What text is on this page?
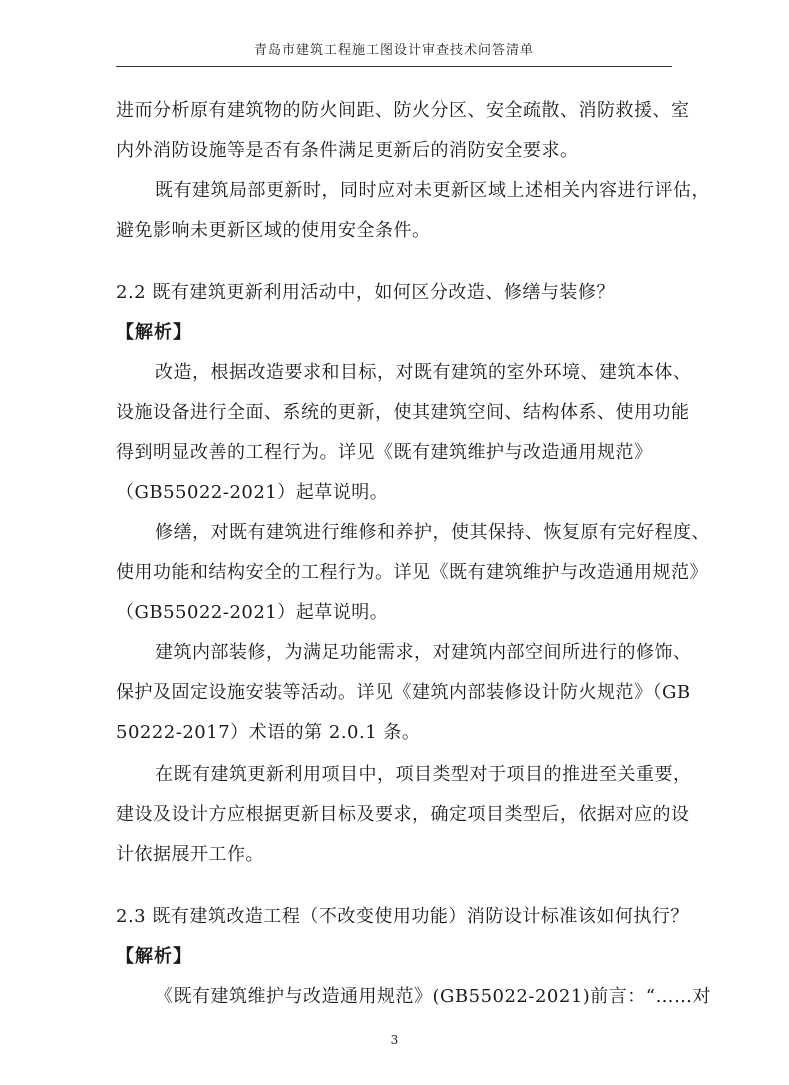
青岛市建筑工程施工图设计审查技术问答清单
进而分析原有建筑物的防火间距、防火分区、安全疏散、消防救援、室
内外消防设施等是否有条件满足更新后的消防安全要求。
既有建筑局部更新时，同时应对未更新区域上述相关内容进行评估，
避免影响未更新区域的使用安全条件。
2.2 既有建筑更新利用活动中，如何区分改造、修缮与装修？
【解析】
改造，根据改造要求和目标，对既有建筑的室外环境、建筑本体、
设施设备进行全面、系统的更新，使其建筑空间、结构体系、使用功能
得到明显改善的工程行为。详见《既有建筑维护与改造通用规范》
（GB55022-2021）起草说明。
修缮，对既有建筑进行维修和养护，使其保持、恢复原有完好程度、
使用功能和结构安全的工程行为。详见《既有建筑维护与改造通用规范》
（GB55022-2021）起草说明。
建筑内部装修，为满足功能需求，对建筑内部空间所进行的修饰、
保护及固定设施安装等活动。详见《建筑内部装修设计防火规范》（GB
50222-2017）术语的第 2.0.1 条。
在既有建筑更新利用项目中，项目类型对于项目的推进至关重要，
建设及设计方应根据更新目标及要求，确定项目类型后，依据对应的设
计依据展开工作。
2.3 既有建筑改造工程（不改变使用功能）消防设计标准该如何执行？
【解析】
《既有建筑维护与改造通用规范》(GB55022-2021)前言：“……对
3
